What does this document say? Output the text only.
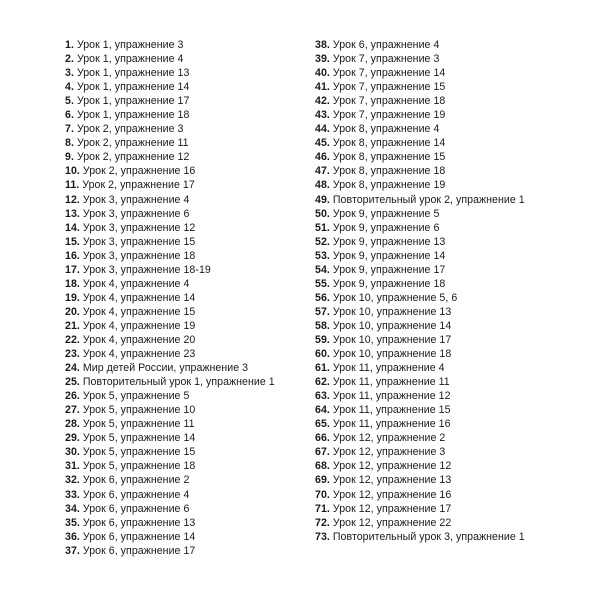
1. Урок 1, упражнение 3
2. Урок 1, упражнение 4
3. Урок 1, упражнение 13
4. Урок 1, упражнение 14
5. Урок 1, упражнение 17
6. Урок 1, упражнение 18
7. Урок 2, упражнение 3
8. Урок 2, упражнение 11
9. Урок 2, упражнение 12
10. Урок 2, упражнение 16
11. Урок 2, упражнение 17
12. Урок 3, упражнение 4
13. Урок 3, упражнение 6
14. Урок 3, упражнение 12
15. Урок 3, упражнение 15
16. Урок 3, упражнение 18
17. Урок 3, упражнение 18-19
18. Урок 4, упражнение 4
19. Урок 4, упражнение 14
20. Урок 4, упражнение 15
21. Урок 4, упражнение 19
22. Урок 4, упражнение 20
23. Урок 4, упражнение 23
24. Мир детей России, упражнение 3
25. Повторительный урок 1, упражнение 1
26. Урок 5, упражнение 5
27. Урок 5, упражнение 10
28. Урок 5, упражнение 11
29. Урок 5, упражнение 14
30. Урок 5, упражнение 15
31. Урок 5, упражнение 18
32. Урок 6, упражнение 2
33. Урок 6, упражнение 4
34. Урок 6, упражнение 6
35. Урок 6, упражнение 13
36. Урок 6, упражнение 14
37. Урок 6, упражнение 17
38. Урок 6, упражнение 4
39. Урок 7, упражнение 3
40. Урок 7, упражнение 14
41. Урок 7, упражнение 15
42. Урок 7, упражнение 18
43. Урок 7, упражнение 19
44. Урок 8, упражнение 4
45. Урок 8, упражнение 14
46. Урок 8, упражнение 15
47. Урок 8, упражнение 18
48. Урок 8, упражнение 19
49. Повторительный урок 2, упражнение 1
50. Урок 9, упражнение 5
51. Урок 9, упражнение 6
52. Урок 9, упражнение 13
53. Урок 9, упражнение 14
54. Урок 9, упражнение 17
55. Урок 9, упражнение 18
56. Урок 10, упражнение 5, 6
57. Урок 10, упражнение 13
58. Урок 10, упражнение 14
59. Урок 10, упражнение 17
60. Урок 10, упражнение 18
61. Урок 11, упражнение 4
62. Урок 11, упражнение 11
63. Урок 11, упражнение 12
64. Урок 11, упражнение 15
65. Урок 11, упражнение 16
66. Урок 12, упражнение 2
67. Урок 12, упражнение 3
68. Урок 12, упражнение 12
69. Урок 12, упражнение 13
70. Урок 12, упражнение 16
71. Урок 12, упражнение 17
72. Урок 12, упражнение 22
73. Повторительный урок 3, упражнение 1
